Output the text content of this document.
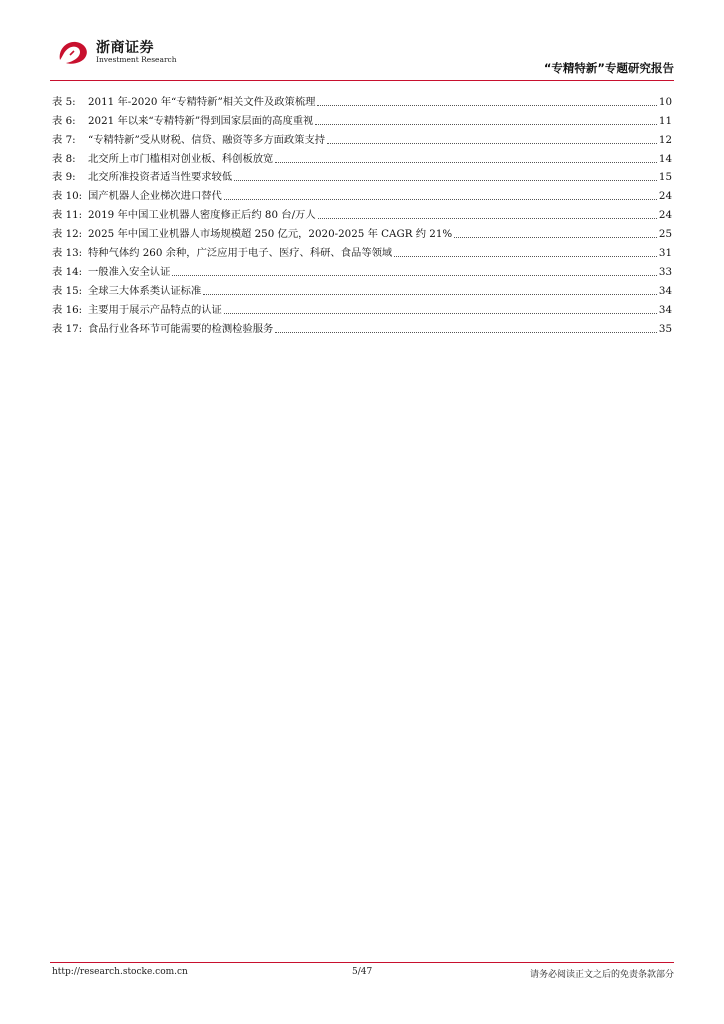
浙商证券
Investment Research
“专精特新”专题研究报告
表 5:	2011 年-2020 年“专精特新”相关文件及政策梳理	10
表 6:	2021 年以来“专精特新”得到国家层面的高度重视	11
表 7:	“专精特新”受从财税、信贷、融资等多方面政策支持	12
表 8:	北交所上市门槛相对创业板、科创板放宽	14
表 9:	北交所准投资者适当性要求较低	15
表 10: 国产机器人企业梯次进口替代	24
表 11: 2019 年中国工业机器人密度修正后约 80 台/万人	24
表 12: 2025 年中国工业机器人市场规模超 250 亿元，2020-2025 年 CAGR 约 21%	25
表 13: 特种气体约 260 余种，广泛应用于电子、医疗、科研、食品等领域	31
表 14: 一般准入安全认证	33
表 15: 全球三大体系类认证标准	34
表 16: 主要用于展示产品特点的认证	34
表 17: 食品行业各环节可能需要的检测检验服务	35
http://research.stocke.com.cn	5/47	请务必阅读正文之后的免责条款部分
